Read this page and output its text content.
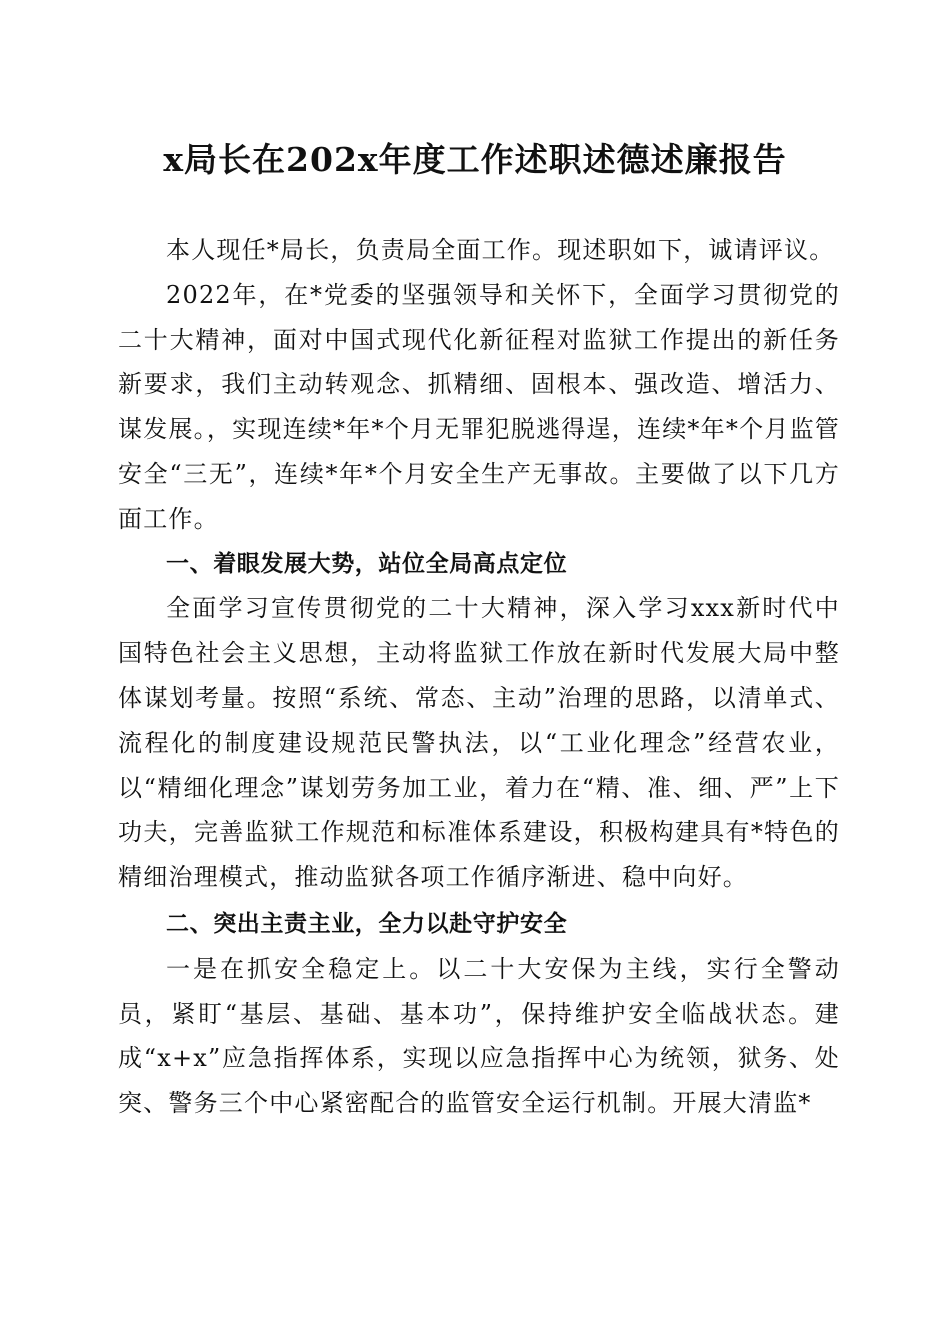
x局长在202x年度工作述职述德述廉报告

本人现任*局长，负责局全面工作。现述职如下，诚请评议。

2022年，在*党委的坚强领导和关怀下，全面学习贯彻党的二十大精神，面对中国式现代化新征程对监狱工作提出的新任务新要求，我们主动转观念、抓精细、固根本、强改造、增活力、谋发展。，实现连续*年*个月无罪犯脱逃得逞，连续*年*个月监管安全“三无”，连续*年*个月安全生产无事故。主要做了以下几方面工作。

一、着眼发展大势，站位全局高点定位

全面学习宣传贯彻党的二十大精神，深入学习xxx新时代中国特色社会主义思想，主动将监狱工作放在新时代发展大局中整体谋划考量。按照“系统、常态、主动”治理的思路，以清单式、流程化的制度建设规范民警执法，以“工业化理念”经营农业，以“精细化理念”谋划劳务加工业，着力在“精、准、细、严”上下功夫，完善监狱工作规范和标准体系建设，积极构建具有*特色的精细治理模式，推动监狱各项工作循序渐进、稳中向好。

二、突出主责主业，全力以赴守护安全

一是在抓安全稳定上。以二十大安保为主线，实行全警动员，紧盯“基层、基础、基本功”，保持维护安全临战状态。建成“x+x”应急指挥体系，实现以应急指挥中心为统领，狱务、处突、警务三个中心紧密配合的监管安全运行机制。开展大清监*
